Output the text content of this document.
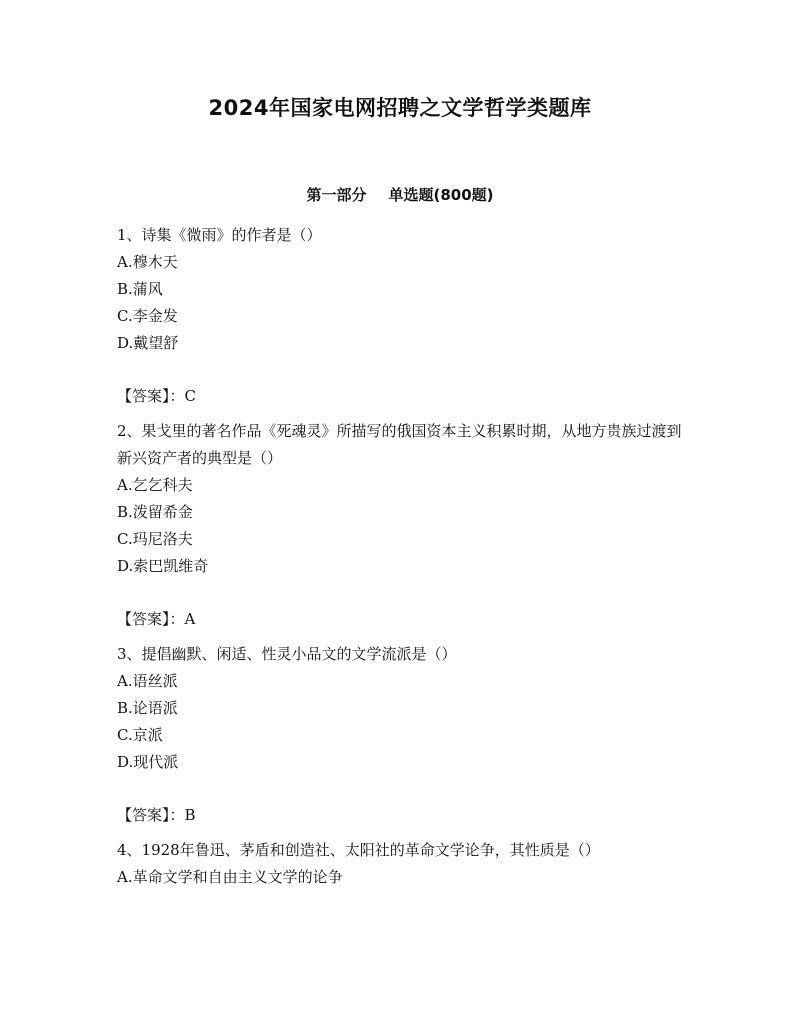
2024年国家电网招聘之文学哲学类题库
第一部分 单选题(800题)
1、诗集《微雨》的作者是（）
A.穆木天
B.蒲风
C.李金发
D.戴望舒
【答案】：C
2、果戈里的著名作品《死魂灵》所描写的俄国资本主义积累时期，从地方贵族过渡到新兴资产者的典型是（）
A.乞乞科夫
B.泼留希金
C.玛尼洛夫
D.索巴凯维奇
【答案】：A
3、提倡幽默、闲适、性灵小品文的文学流派是（）
A.语丝派
B.论语派
C.京派
D.现代派
【答案】：B
4、1928年鲁迅、茅盾和创造社、太阳社的革命文学论争，其性质是（）
A.革命文学和自由主义文学的论争
